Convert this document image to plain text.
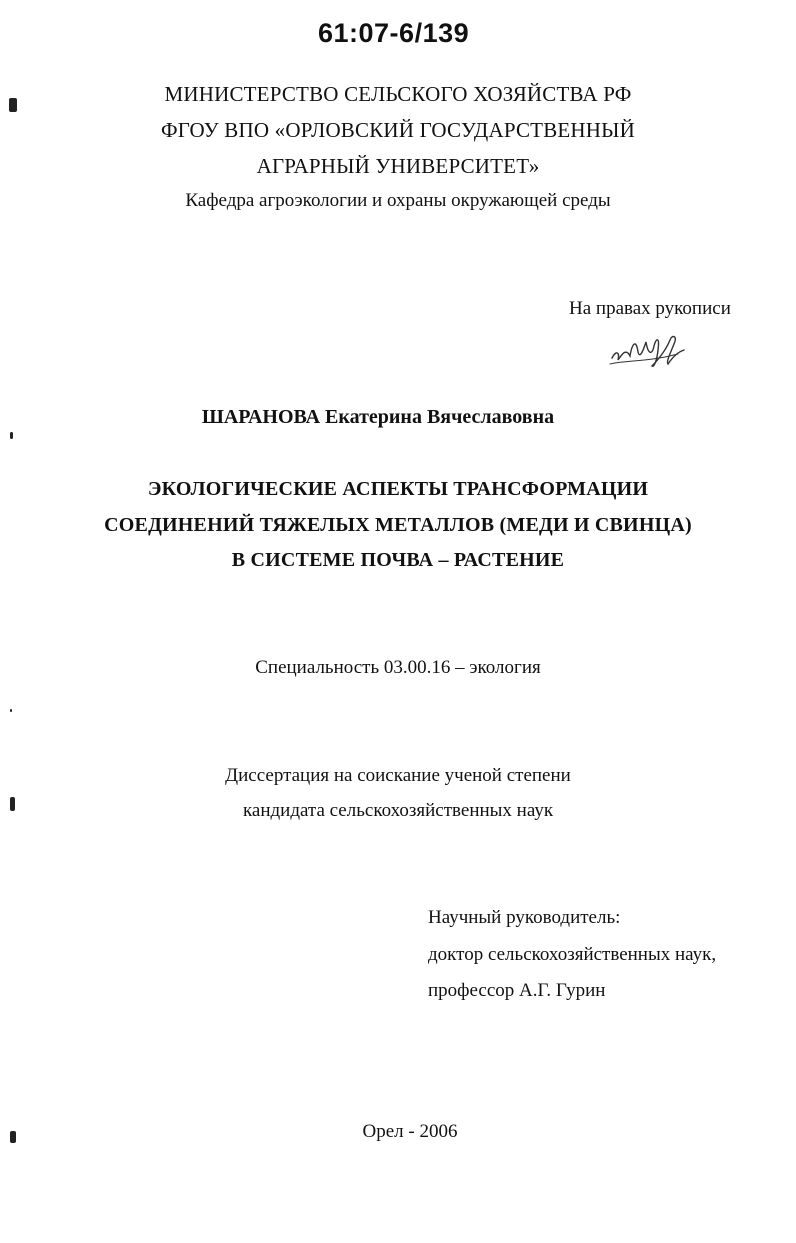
61:07-6/139
МИНИСТЕРСТВО СЕЛЬСКОГО ХОЗЯЙСТВА РФ
ФГОУ ВПО «ОРЛОВСКИЙ ГОСУДАРСТВЕННЫЙ
АГРАРНЫЙ УНИВЕРСИТЕТ»
Кафедра агроэкологии и охраны окружающей среды
На правах рукописи
ШАРАНОВА Екатерина Вячеславовна
ЭКОЛОГИЧЕСКИЕ АСПЕКТЫ ТРАНСФОРМАЦИИ
СОЕДИНЕНИЙ ТЯЖЕЛЫХ МЕТАЛЛОВ (МЕДИ И СВИНЦА)
В СИСТЕМЕ ПОЧВА – РАСТЕНИЕ
Специальность 03.00.16 – экология
Диссертация на соискание ученой степени
кандидата сельскохозяйственных наук
Научный руководитель:
доктор сельскохозяйственных наук,
профессор А.Г. Гурин
Орел - 2006
